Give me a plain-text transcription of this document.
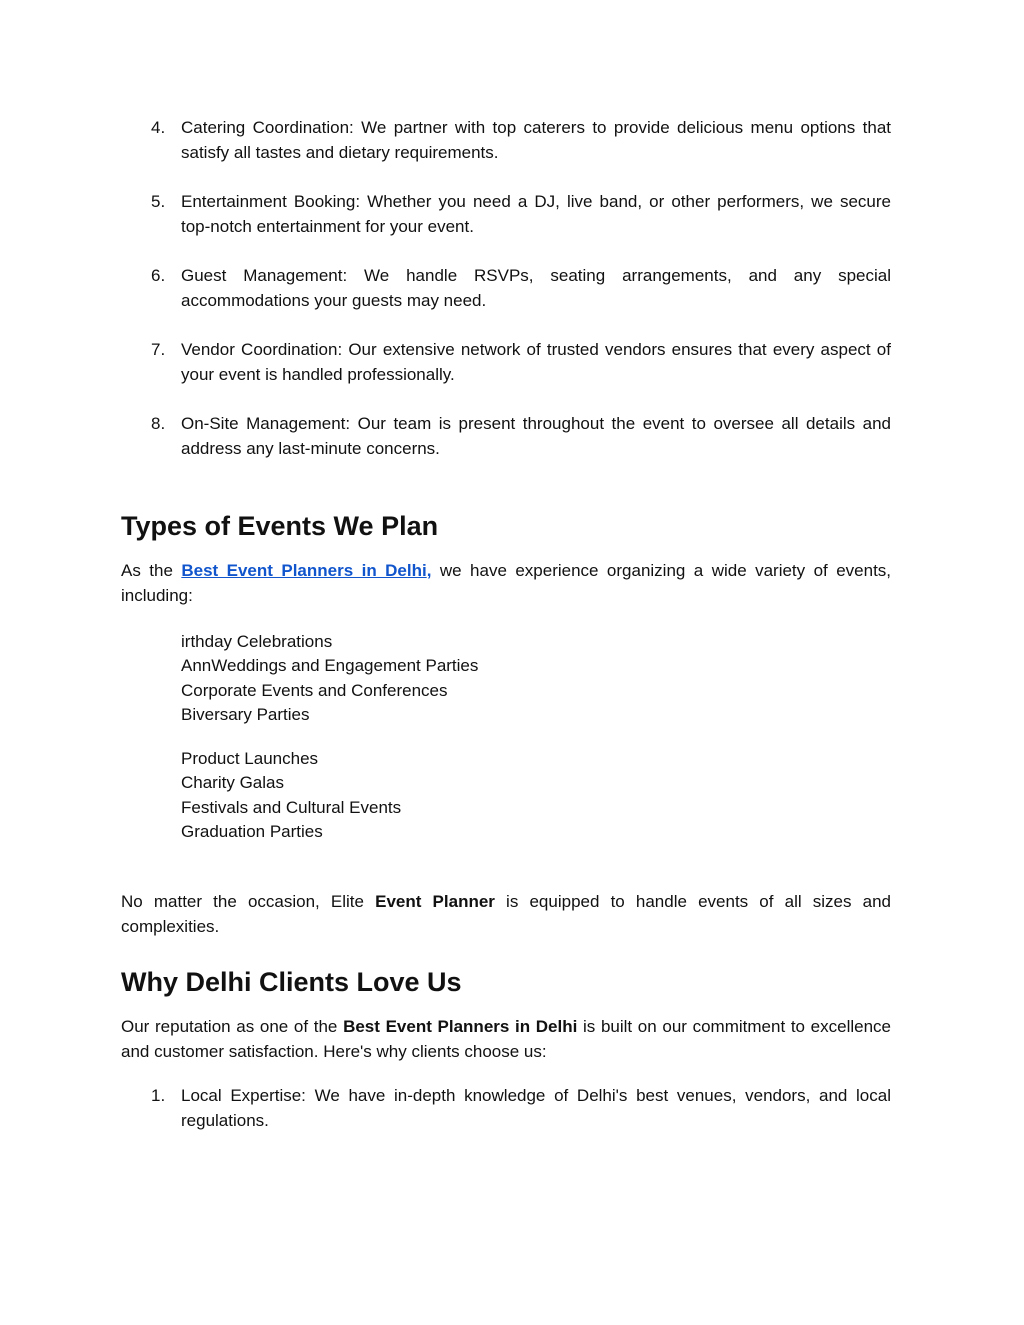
4. Catering Coordination: We partner with top caterers to provide delicious menu options that satisfy all tastes and dietary requirements.
5. Entertainment Booking: Whether you need a DJ, live band, or other performers, we secure top-notch entertainment for your event.
6. Guest Management: We handle RSVPs, seating arrangements, and any special accommodations your guests may need.
7. Vendor Coordination: Our extensive network of trusted vendors ensures that every aspect of your event is handled professionally.
8. On-Site Management: Our team is present throughout the event to oversee all details and address any last-minute concerns.
Types of Events We Plan

As the Best Event Planners in Delhi, we have experience organizing a wide variety of events, including:

irthday Celebrations
AnnWeddings and Engagement Parties
Corporate Events and Conferences
Biversary Parties
Product Launches
Charity Galas
Festivals and Cultural Events
Graduation Parties

No matter the occasion, Elite Event Planner is equipped to handle events of all sizes and complexities.

Why Delhi Clients Love Us

Our reputation as one of the Best Event Planners in Delhi is built on our commitment to excellence and customer satisfaction. Here's why clients choose us:

1. Local Expertise: We have in-depth knowledge of Delhi's best venues, vendors, and local regulations.
